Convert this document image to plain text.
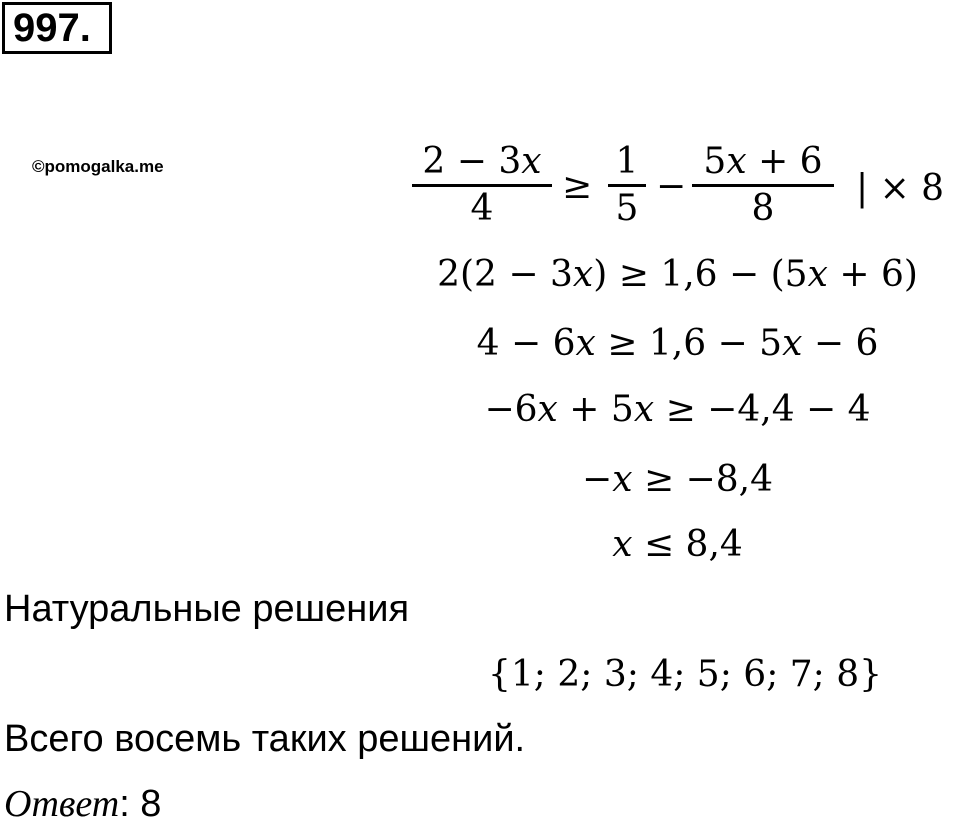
997.
©pomogalka.me	2 − 3x
4
≥
1
5
−
5x + 6
8	| × 8
2(2 − 3x) ≥ 1,6 − (5x + 6)
4 − 6x ≥ 1,6 − 5x − 6
−6x + 5x ≥ −4,4 − 4
−x ≥ −8,4
x ≤ 8,4
Натуральные решения
{1; 2; 3; 4; 5; 6; 7; 8}
Всего восемь таких решений.
Ответ: 8
